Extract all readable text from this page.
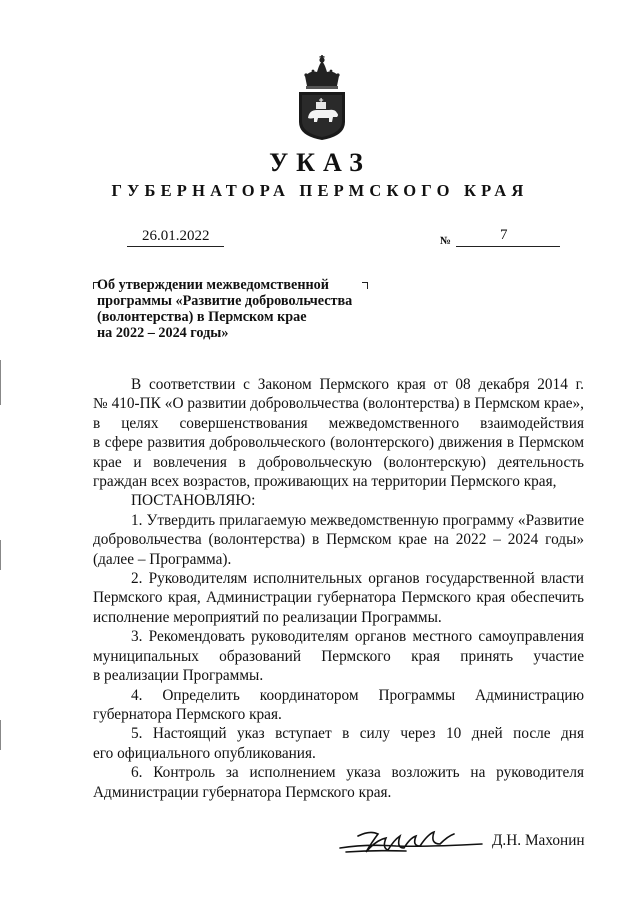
УКАЗ
ГУБЕРНАТОРА ПЕРМСКОГО КРАЯ
26.01.2022	№	7
Об утверждении межведомственной
программы «Развитие добровольчества
(волонтерства) в Пермском крае
на 2022 – 2024 годы»
В соответствии с Законом Пермского края от 08 декабря 2014 г.
№ 410-ПК «О развитии добровольчества (волонтерства) в Пермском крае»,
в целях совершенствования межведомственного взаимодействия
в сфере развития добровольческого (волонтерского) движения в Пермском
крае и вовлечения в добровольческую (волонтерскую) деятельность
граждан всех возрастов, проживающих на территории Пермского края,
ПОСТАНОВЛЯЮ:
1. Утвердить прилагаемую межведомственную программу «Развитие
добровольчества (волонтерства) в Пермском крае на 2022 – 2024 годы»
(далее – Программа).
2. Руководителям исполнительных органов государственной власти
Пермского края, Администрации губернатора Пермского края обеспечить
исполнение мероприятий по реализации Программы.
3. Рекомендовать руководителям органов местного самоуправления
муниципальных образований Пермского края принять участие
в реализации Программы.
4. Определить координатором Программы Администрацию
губернатора Пермского края.
5. Настоящий указ вступает в силу через 10 дней после дня
его официального опубликования.
6. Контроль за исполнением указа возложить на руководителя
Администрации губернатора Пермского края.
Д.Н. Махонин
